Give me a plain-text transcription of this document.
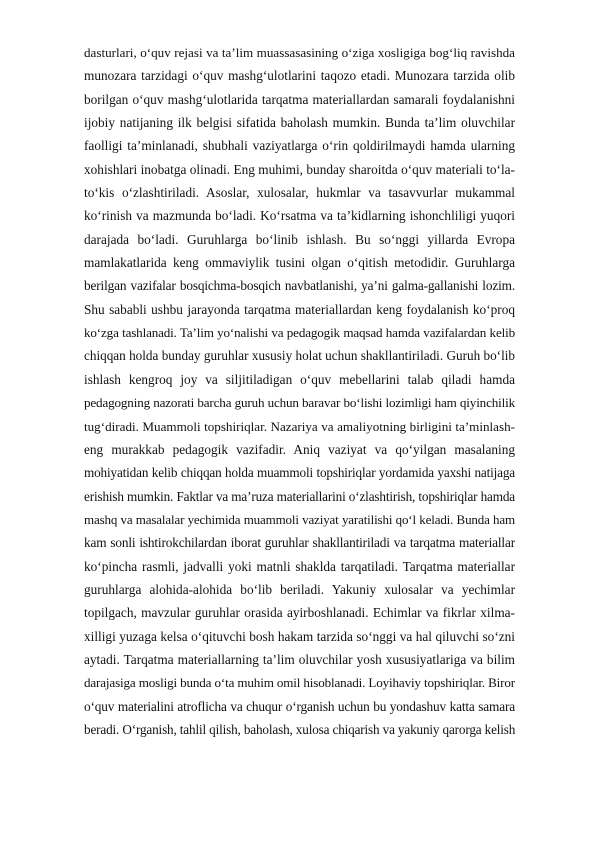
dasturlari, o‘quv rejasi va ta’lim muassasasining o‘ziga xosligiga bog‘liq ravishda
munozara tarzidagi o‘quv mashg‘ulotlarini taqozo etadi. Munozara tarzida olib
borilgan o‘quv mashg‘ulotlarida tarqatma materiallardan samarali foydalanishni
ijobiy natijaning ilk belgisi sifatida baholash mumkin. Bunda ta’lim oluvchilar
faolligi ta’minlanadi, shubhali vaziyatlarga o‘rin qoldirilmaydi hamda ularning
xohishlari inobatga olinadi. Eng muhimi, bunday sharoitda o‘quv materiali to‘la-
to‘kis o‘zlashtiriladi. Asoslar, xulosalar, hukmlar va tasavvurlar mukammal
ko‘rinish va mazmunda bo‘ladi. Ko‘rsatma va ta’kidlarning ishonchliligi yuqori
darajada bo‘ladi. Guruhlarga bo‘linib ishlash. Bu so‘nggi yillarda Evropa
mamlakatlarida keng ommaviylik tusini olgan o‘qitish metodidir. Guruhlarga
berilgan vazifalar bosqichma-bosqich navbatlanishi, ya’ni galma-gallanishi lozim.
Shu sababli ushbu jarayonda tarqatma materiallardan keng foydalanish ko‘proq
ko‘zga tashlanadi. Ta’lim yo‘nalishi va pedagogik maqsad hamda vazifalardan kelib
chiqqan holda bunday guruhlar xususiy holat uchun shakllantiriladi. Guruh bo‘lib
ishlash kengroq joy va siljitiladigan o‘quv mebellarini talab qiladi hamda
pedagogning nazorati barcha guruh uchun baravar bo‘lishi lozimligi ham qiyinchilik
tug‘diradi. Muammoli topshiriqlar. Nazariya va amaliyotning birligini ta’minlash-
eng murakkab pedagogik vazifadir. Aniq vaziyat va qo‘yilgan masalaning
mohiyatidan kelib chiqqan holda muammoli topshiriqlar yordamida yaxshi natijaga
erishish mumkin. Faktlar va ma’ruza materiallarini o‘zlashtirish, topshiriqlar hamda
mashq va masalalar yechimida muammoli vaziyat yaratilishi qo‘l keladi. Bunda ham
kam sonli ishtirokchilardan iborat guruhlar shakllantiriladi va tarqatma materiallar
ko‘pincha rasmli, jadvalli yoki matnli shaklda tarqatiladi. Tarqatma materiallar
guruhlarga alohida-alohida bo‘lib beriladi. Yakuniy xulosalar va yechimlar
topilgach, mavzular guruhlar orasida ayirboshlanadi. Echimlar va fikrlar xilma-
xilligi yuzaga kelsa o‘qituvchi bosh hakam tarzida so‘nggi va hal qiluvchi so‘zni
aytadi. Tarqatma materiallarning ta’lim oluvchilar yosh xususiyatlariga va bilim
darajasiga mosligi bunda o‘ta muhim omil hisoblanadi. Loyihaviy topshiriqlar. Biror
o‘quv materialini atroflicha va chuqur o‘rganish uchun bu yondashuv katta samara
beradi. O‘rganish, tahlil qilish, baholash, xulosa chiqarish va yakuniy qarorga kelish
